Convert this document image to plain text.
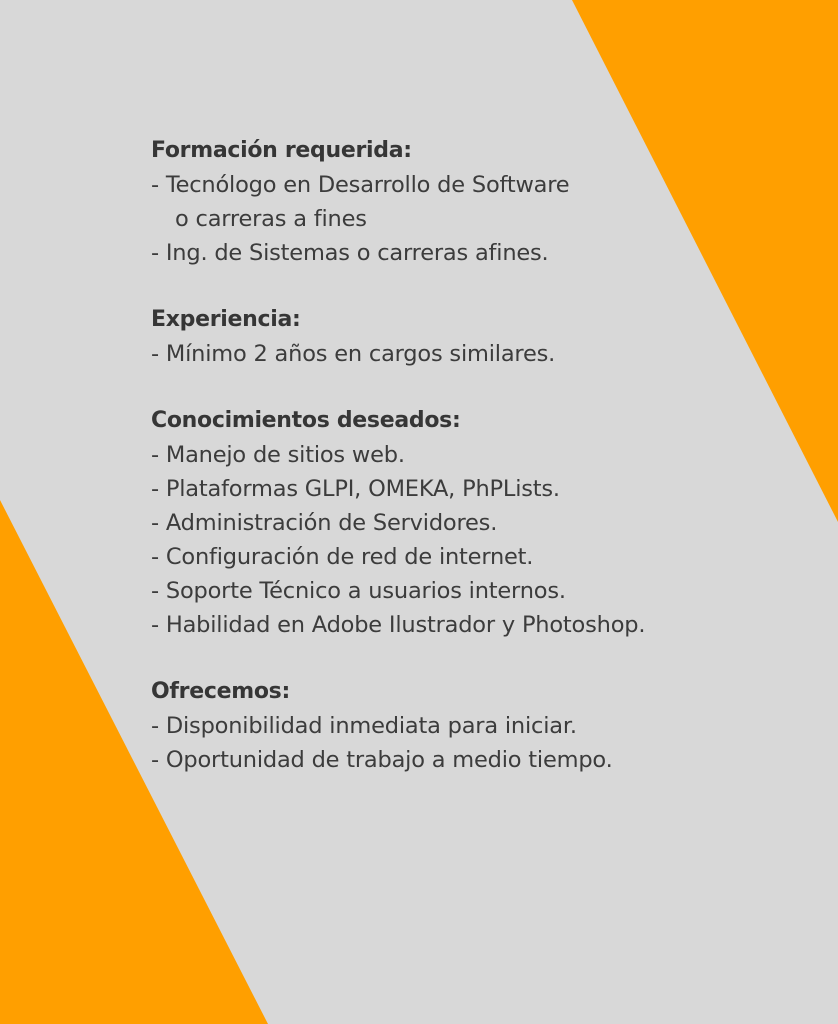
Formación requerida:
- Tecnólogo en Desarrollo de Software
o carreras a fines
- Ing. de Sistemas o carreras afines.
Experiencia:
- Mínimo 2 años en cargos similares.
Conocimientos deseados:
- Manejo de sitios web.
- Plataformas GLPI, OMEKA, PhPLists.
- Administración de Servidores.
- Configuración de red de internet.
- Soporte Técnico a usuarios internos.
- Habilidad en Adobe Ilustrador y Photoshop.
Ofrecemos:
- Disponibilidad inmediata para iniciar.
- Oportunidad de trabajo a medio tiempo.
